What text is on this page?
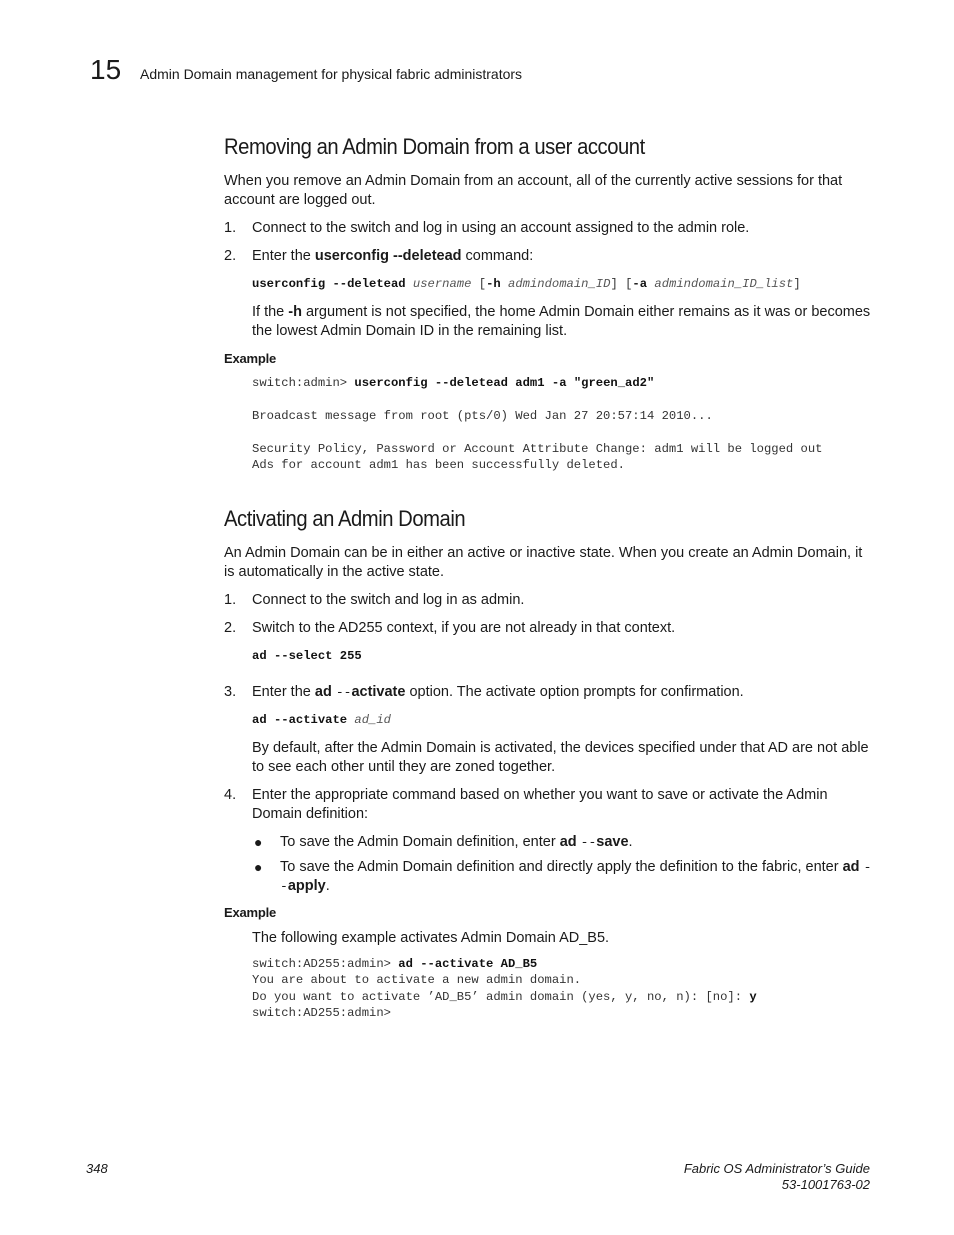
15 Admin Domain management for physical fabric administrators
Removing an Admin Domain from a user account

When you remove an Admin Domain from an account, all of the currently active sessions for that account are logged out.

1. Connect to the switch and log in using an account assigned to the admin role.
2. Enter the userconfig --deletead command:
userconfig --deletead username [-h admindomain_ID] [-a admindomain_ID_list]

If the -h argument is not specified, the home Admin Domain either remains as it was or becomes the lowest Admin Domain ID in the remaining list.

Example
switch:admin> userconfig --deletead adm1 -a "green_ad2"
Broadcast message from root (pts/0) Wed Jan 27 20:57:14 2010...
Security Policy, Password or Account Attribute Change: adm1 will be logged out
Ads for account adm1 has been successfully deleted.
Activating an Admin Domain

An Admin Domain can be in either an active or inactive state. When you create an Admin Domain, it is automatically in the active state.

1. Connect to the switch and log in as admin.
2. Switch to the AD255 context, if you are not already in that context.
ad --select 255
3. Enter the ad --activate option. The activate option prompts for confirmation.
ad --activate ad_id

By default, after the Admin Domain is activated, the devices specified under that AD are not able to see each other until they are zoned together.

4. Enter the appropriate command based on whether you want to save or activate the Admin Domain definition:
● To save the Admin Domain definition, enter ad --save.
● To save the Admin Domain definition and directly apply the definition to the fabric, enter ad --apply.
Example

The following example activates Admin Domain AD_B5.

switch:AD255:admin> ad --activate AD_B5
You are about to activate a new admin domain.
Do you want to activate ’AD_B5’ admin domain (yes, y, no, n): [no]: y
switch:AD255:admin>
348	Fabric OS Administrator’s Guide
53-1001763-02
